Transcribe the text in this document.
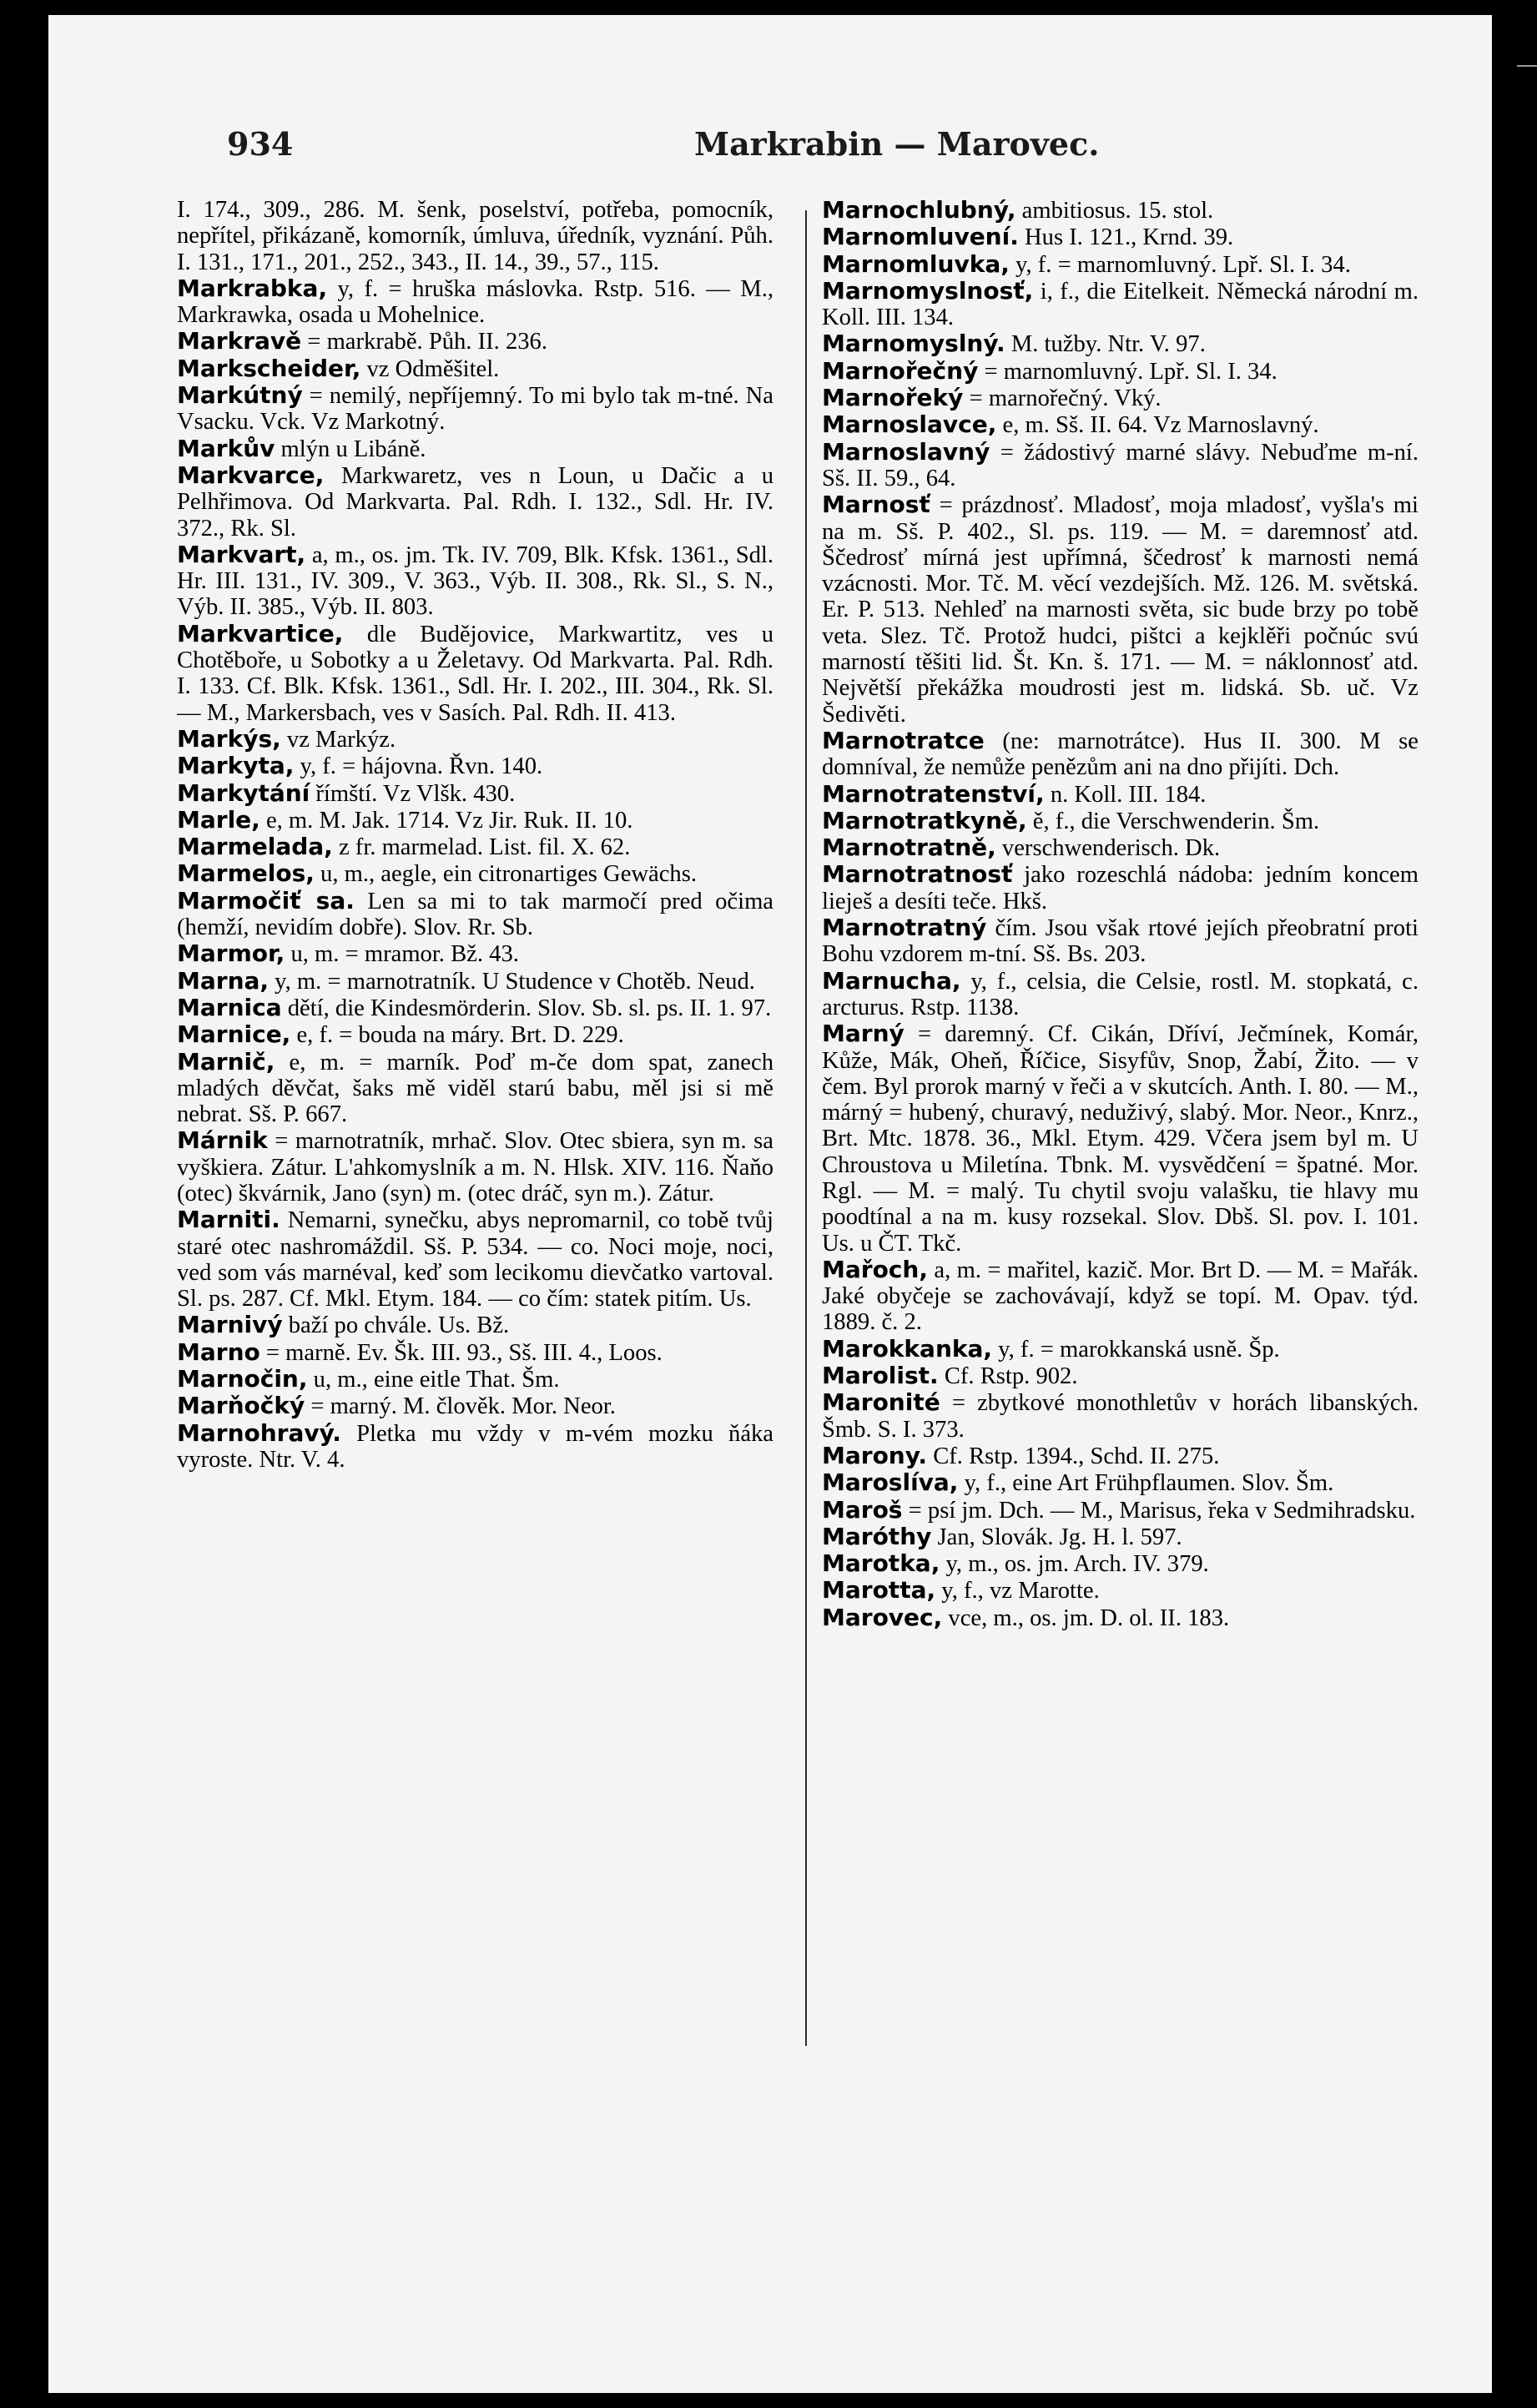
934	Markrabin — Marovec.

I. 174., 309., 286. M. šenk, poselství, potřeba, pomocník, nepřítel, přikázaně, komorník, úmluva, úředník, vyznání. Půh. I. 131., 171., 201., 252., 343., II. 14., 39., 57., 115.

Markrabka, y, f. = hruška máslovka. Rstp. 516. — M., Markrawka, osada u Mohelnice.

Markravě = markrabě. Půh. II. 236.

Markscheider, vz Odměšitel.

Markútný = nemilý, nepříjemný. To mi bylo tak m-tné. Na Vsacku. Vck. Vz Markotný.

Markův mlýn u Libáně.

Markvarce, Markwaretz, ves n Loun, u Dačic a u Pelhřimova. Od Markvarta. Pal. Rdh. I. 132., Sdl. Hr. IV. 372., Rk. Sl.

Markvart, a, m., os. jm. Tk. IV. 709, Blk. Kfsk. 1361., Sdl. Hr. III. 131., IV. 309., V. 363., Výb. II. 308., Rk. Sl., S. N., Výb. II. 385., Výb. II. 803.

Markvartice, dle Budějovice, Markwartitz, ves u Chotěboře, u Sobotky a u Želetavy. Od Markvarta. Pal. Rdh. I. 133. Cf. Blk. Kfsk. 1361., Sdl. Hr. I. 202., III. 304., Rk. Sl. — M., Markersbach, ves v Sasích. Pal. Rdh. II. 413.

Markýs, vz Markýz.

Markyta, y, f. = hájovna. Řvn. 140.

Markytání římští. Vz Vlšk. 430.

Marle, e, m. M. Jak. 1714. Vz Jir. Ruk. II. 10.

Marmelada, z fr. marmelad. List. fil. X. 62.

Marmelos, u, m., aegle, ein citronartiges Gewächs.

Marmočiť sa. Len sa mi to tak marmočí pred očima (hemží, nevidím dobře). Slov. Rr. Sb.

Marmor, u, m. = mramor. Bž. 43.

Marna, y, m. = marnotratník. U Studence v Chotěb. Neud.

Marnica dětí, die Kindesmörderin. Slov. Sb. sl. ps. II. 1. 97.

Marnice, e, f. = bouda na máry. Brt. D. 229.

Marnič, e, m. = marník. Poď m-če dom spat, zanech mladých děvčat, šaks mě viděl starú babu, měl jsi si mě nebrat. Sš. P. 667.

Márnik = marnotratník, mrhač. Slov. Otec sbiera, syn m. sa vyškiera. Zátur. L'ahkomyslník a m. N. Hlsk. XIV. 116. Ňaňo (otec) škvárnik, Jano (syn) m. (otec dráč, syn m.). Zátur.

Marniti. Nemarni, synečku, abys nepromarnil, co tobě tvůj staré otec nashromáždil. Sš. P. 534. — co. Noci moje, noci, ved som vás marnéval, keď som lecikomu dievčatko vartoval. Sl. ps. 287. Cf. Mkl. Etym. 184. — co čím: statek pitím. Us.

Marnivý baží po chvále. Us. Bž.

Marno = marně. Ev. Šk. III. 93., Sš. III. 4., Loos.

Marnočin, u, m., eine eitle That. Šm.

Marňočký = marný. M. člověk. Mor. Neor.

Marnohravý. Pletka mu vždy v m-vém mozku ňáka vyroste. Ntr. V. 4.

Marnochlubný, ambitiosus. 15. stol.

Marnomluvení. Hus I. 121., Krnd. 39.

Marnomluvka, y, f. = marnomluvný. Lpř. Sl. I. 34.

Marnomyslnosť, i, f., die Eitelkeit. Německá národní m. Koll. III. 134.

Marnomyslný. M. tužby. Ntr. V. 97.

Marnořečný = marnomluvný. Lpř. Sl. I. 34.

Marnořeký = marnořečný. Vký.

Marnoslavce, e, m. Sš. II. 64. Vz Marnoslavný.

Marnoslavný = žádostivý marné slávy. Nebuďme m-ní. Sš. II. 59., 64.

Marnosť = prázdnosť. Mladosť, moja mladosť, vyšla's mi na m. Sš. P. 402., Sl. ps. 119. — M. = daremnosť atd. Ščedrosť mírná jest upřímná, ščedrosť k marnosti nemá vzácnosti. Mor. Tč. M. věcí vezdejších. Mž. 126. M. světská. Er. P. 513. Nehleď na marnosti světa, sic bude brzy po tobě veta. Slez. Tč. Protož hudci, pištci a kejklěři počnúc svú marností těšiti lid. Št. Kn. š. 171. — M. = náklonnosť atd. Největší překážka moudrosti jest m. lidská. Sb. uč. Vz Šedivěti.

Marnotratce (ne: marnotrátce). Hus II. 300. M se domníval, že nemůže penězům ani na dno přijíti. Dch.

Marnotratenství, n. Koll. III. 184.

Marnotratkyně, ě, f., die Verschwenderin. Šm.

Marnotratně, verschwenderisch. Dk.

Marnotratnosť jako rozeschlá nádoba: jedním koncem lieješ a desíti teče. Hkš.

Marnotratný čím. Jsou však rtové jejích přeobratní proti Bohu vzdorem m-tní. Sš. Bs. 203.

Marnucha, y, f., celsia, die Celsie, rostl. M. stopkatá, c. arcturus. Rstp. 1138.

Marný = daremný. Cf. Cikán, Dříví, Ječmínek, Komár, Kůže, Mák, Oheň, Říčice, Sisyfův, Snop, Žabí, Žito. — v čem. Byl prorok marný v řeči a v skutcích. Anth. I. 80. — M., márný = hubený, churavý, neduživý, slabý. Mor. Neor., Knrz., Brt. Mtc. 1878. 36., Mkl. Etym. 429. Včera jsem byl m. U Chroustova u Miletína. Tbnk. M. vysvědčení = špatné. Mor. Rgl. — M. = malý. Tu chytil svoju valašku, tie hlavy mu poodtínal a na m. kusy rozsekal. Slov. Dbš. Sl. pov. I. 101. Us. u ČT. Tkč.

Mařoch, a, m. = mařitel, kazič. Mor. Brt D. — M. = Mařák. Jaké obyčeje se zachovávají, když se topí. M. Opav. týd. 1889. č. 2.

Marokkanka, y, f. = marokkanská usně. Šp.

Marolist. Cf. Rstp. 902.

Maronité = zbytkové monothletův v horách libanských. Šmb. S. I. 373.

Marony. Cf. Rstp. 1394., Schd. II. 275.

Maroslíva, y, f., eine Art Frühpflaumen. Slov. Šm.

Maroš = psí jm. Dch. — M., Marisus, řeka v Sedmihradsku.

Maróthy Jan, Slovák. Jg. H. l. 597.

Marotka, y, m., os. jm. Arch. IV. 379.

Marotta, y, f., vz Marotte.

Marovec, vce, m., os. jm. D. ol. II. 183.
